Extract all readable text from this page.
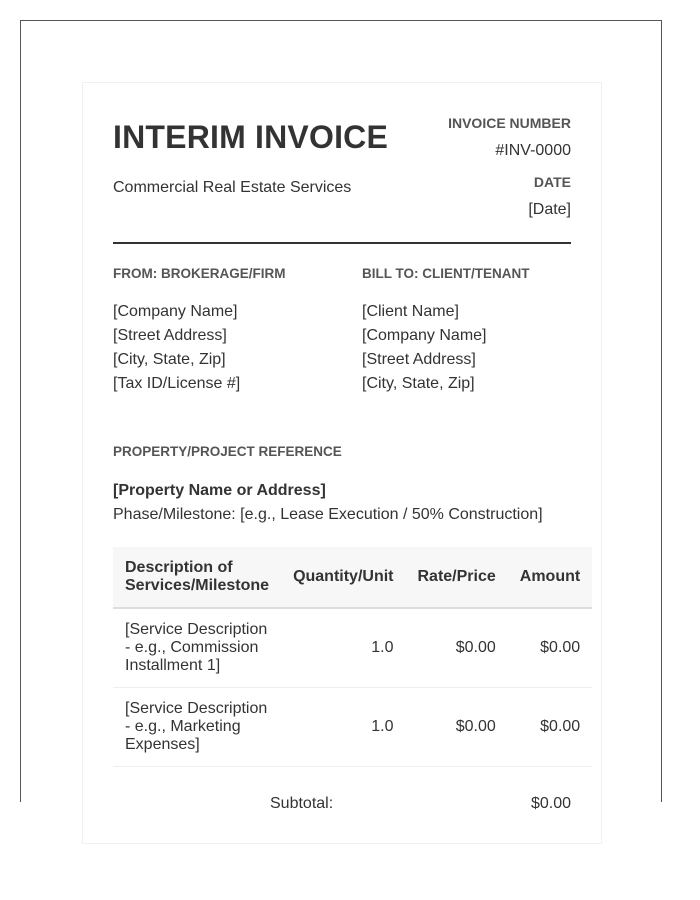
INTERIM INVOICE
Commercial Real Estate Services
INVOICE NUMBER
#INV-0000
DATE
[Date]
FROM: BROKERAGE/FIRM
[Company Name]
[Street Address]
[City, State, Zip]
[Tax ID/License #]
BILL TO: CLIENT/TENANT
[Client Name]
[Company Name]
[Street Address]
[City, State, Zip]
PROPERTY/PROJECT REFERENCE
[Property Name or Address]
Phase/Milestone: [e.g., Lease Execution / 50% Construction]
Description of Services/Milestone	Quantity/Unit	Rate/Price	Amount
[Service Description - e.g., Commission Installment 1]	1.0	$0.00	$0.00
[Service Description - e.g., Marketing Expenses]	1.0	$0.00	$0.00
Subtotal:	$0.00
